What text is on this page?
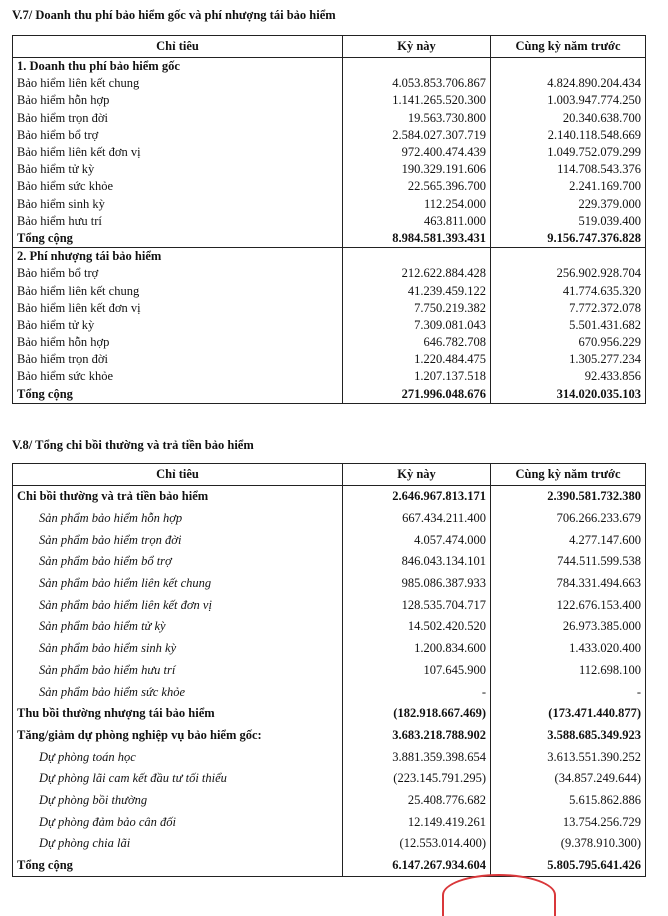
V.7/ Doanh thu phí bảo hiểm gốc và phí nhượng tái bảo hiểm
Chỉ tiêu	Kỳ này	Cùng kỳ năm trước
1. Doanh thu phí bảo hiểm gốc		
Bảo hiểm liên kết chung	4.053.853.706.867	4.824.890.204.434
Bảo hiểm hỗn hợp	1.141.265.520.300	1.003.947.774.250
Bảo hiểm trọn đời	19.563.730.800	20.340.638.700
Bảo hiểm bổ trợ	2.584.027.307.719	2.140.118.548.669
Bảo hiểm liên kết đơn vị	972.400.474.439	1.049.752.079.299
Bảo hiểm tử kỳ	190.329.191.606	114.708.543.376
Bảo hiểm sức khỏe	22.565.396.700	2.241.169.700
Bảo hiểm sinh kỳ	112.254.000	229.379.000
Bảo hiểm hưu trí	463.811.000	519.039.400
Tổng cộng	8.984.581.393.431	9.156.747.376.828
2. Phí nhượng tái bảo hiểm		
Bảo hiểm bổ trợ	212.622.884.428	256.902.928.704
Bảo hiểm liên kết chung	41.239.459.122	41.774.635.320
Bảo hiểm liên kết đơn vị	7.750.219.382	7.772.372.078
Bảo hiểm tử kỳ	7.309.081.043	5.501.431.682
Bảo hiểm hỗn hợp	646.782.708	670.956.229
Bảo hiểm trọn đời	1.220.484.475	1.305.277.234
Bảo hiểm sức khỏe	1.207.137.518	92.433.856
Tổng cộng	271.996.048.676	314.020.035.103
V.8/ Tổng chi bồi thường và trả tiền bảo hiểm
Chỉ tiêu	Kỳ này	Cùng kỳ năm trước
Chi bồi thường và trả tiền bảo hiểm	2.646.967.813.171	2.390.581.732.380
Sản phẩm bảo hiểm hỗn hợp	667.434.211.400	706.266.233.679
Sản phẩm bảo hiểm trọn đời	4.057.474.000	4.277.147.600
Sản phẩm bảo hiểm bổ trợ	846.043.134.101	744.511.599.538
Sản phẩm bảo hiểm liên kết chung	985.086.387.933	784.331.494.663
Sản phẩm bảo hiểm liên kết đơn vị	128.535.704.717	122.676.153.400
Sản phẩm bảo hiểm tử kỳ	14.502.420.520	26.973.385.000
Sản phẩm bảo hiểm sinh kỳ	1.200.834.600	1.433.020.400
Sản phẩm bảo hiểm hưu trí	107.645.900	112.698.100
Sản phẩm bảo hiểm sức khỏe	-	-
Thu bồi thường nhượng tái bảo hiểm	(182.918.667.469)	(173.471.440.877)
Tăng/giảm dự phòng nghiệp vụ bảo hiểm gốc:	3.683.218.788.902	3.588.685.349.923
Dự phòng toán học	3.881.359.398.654	3.613.551.390.252
Dự phòng lãi cam kết đầu tư tối thiểu	(223.145.791.295)	(34.857.249.644)
Dự phòng bồi thường	25.408.776.682	5.615.862.886
Dự phòng đảm bảo cân đối	12.149.419.261	13.754.256.729
Dự phòng chia lãi	(12.553.014.400)	(9.378.910.300)
Tổng cộng	6.147.267.934.604	5.805.795.641.426
